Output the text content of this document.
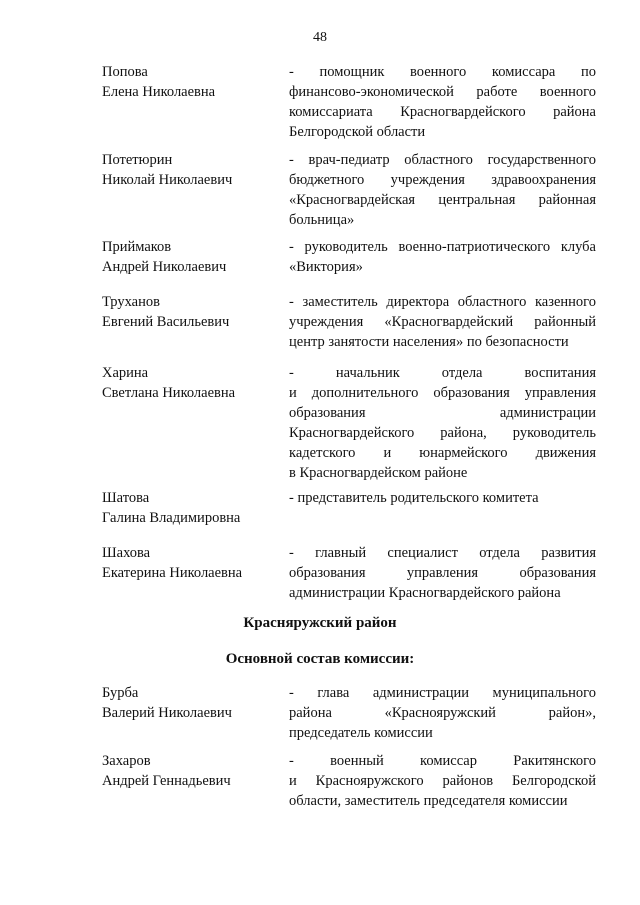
48
Попова
Елена Николаевна
- помощник военного комиссара по
финансово-экономической работе военного
комиссариата Красногвардейского района
Белгородской области
Потетюрин
Николай Николаевич
- врач-педиатр областного государственного
бюджетного учреждения здравоохранения
«Красногвардейская центральная районная
больница»
Приймаков
Андрей Николаевич
- руководитель военно-патриотического клуба
«Виктория»
Труханов
Евгений Васильевич
- заместитель директора областного казенного
учреждения «Красногвардейский районный
центр занятости населения» по безопасности
Харина
Светлана Николаевна
- начальник отдела воспитания
и дополнительного образования управления
образования администрации
Красногвардейского района, руководитель
кадетского и юнармейского движения
в Красногвардейском районе
Шатова
Галина Владимировна
- представитель родительского комитета
Шахова
Екатерина Николаевна
- главный специалист отдела развития
образования управления образования
администрации Красногвардейского района
Красняружский район
Основной состав комиссии:
Бурба
Валерий Николаевич
- глава администрации муниципального
района «Краснояружский район»,
председатель комиссии
Захаров
Андрей Геннадьевич
- военный комиссар Ракитянского
и Краснояружского районов Белгородской
области, заместитель председателя комиссии
